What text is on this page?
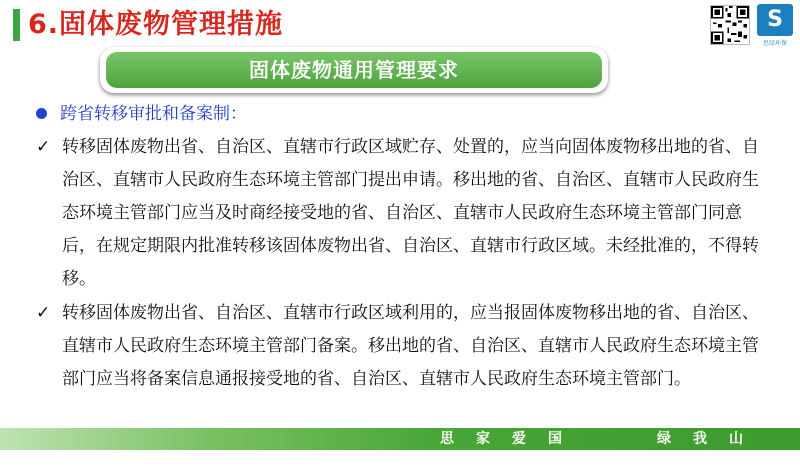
6.固体废物管理措施	S
思绿环保
固体废物通用管理要求
跨省转移审批和备案制：
✓ 转移固体废物出省、自治区、直辖市行政区域贮存、处置的，应当向固体废物移出地的省、自治区、直辖市人民政府生态环境主管部门提出申请。移出地的省、自治区、直辖市人民政府生态环境主管部门应当及时商经接受地的省、自治区、直辖市人民政府生态环境主管部门同意后，在规定期限内批准转移该固体废物出省、自治区、直辖市行政区域。未经批准的，不得转移。
✓ 转移固体废物出省、自治区、直辖市行政区域利用的，应当报固体废物移出地的省、自治区、直辖市人民政府生态环境主管部门备案。移出地的省、自治区、直辖市人民政府生态环境主管部门应当将备案信息通报接受地的省、自治区、直辖市人民政府生态环境主管部门。
思家爱国	绿我山河
